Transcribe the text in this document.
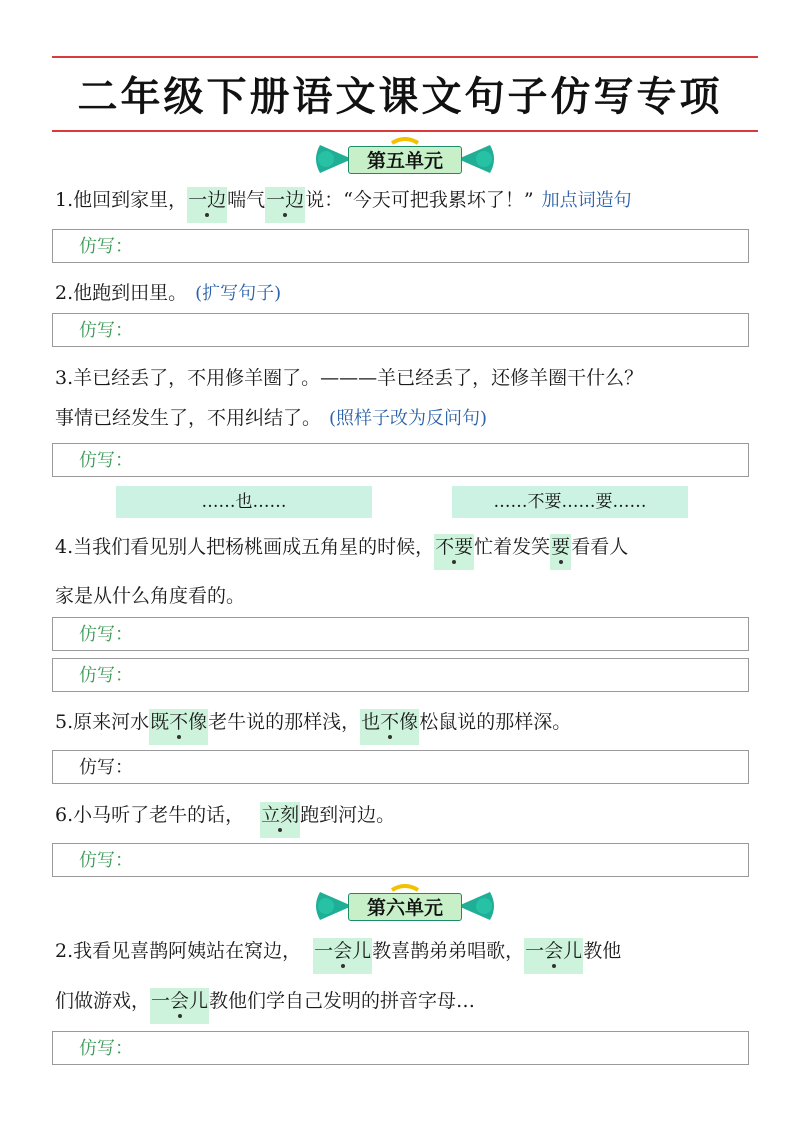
二年级下册语文课文句子仿写专项
第五单元
1.他回到家里，一边喘气一边说：“今天可把我累坏了！” 加点词造句
仿写：
2.他跑到田里。 (扩写句子)
仿写：
3.羊已经丢了，不用修羊圈了。———羊已经丢了，还修羊圈干什么？
事情已经发生了，不用纠结了。 (照样子改为反问句)
仿写：
……也……	……不要……要……
4.当我们看见别人把杨桃画成五角星的时候，不要忙着发笑要看看人
家是从什么角度看的。
仿写：
仿写：
5.原来河水既不像老牛说的那样浅，也不像松鼠说的那样深。
仿写：
6.小马听了老牛的话， 立刻跑到河边。
仿写：
第六单元
2.我看见喜鹊阿姨站在窝边， 一会儿教喜鹊弟弟唱歌，一会儿教他
们做游戏，一会儿教他们学自己发明的拼音字母…
仿写：
